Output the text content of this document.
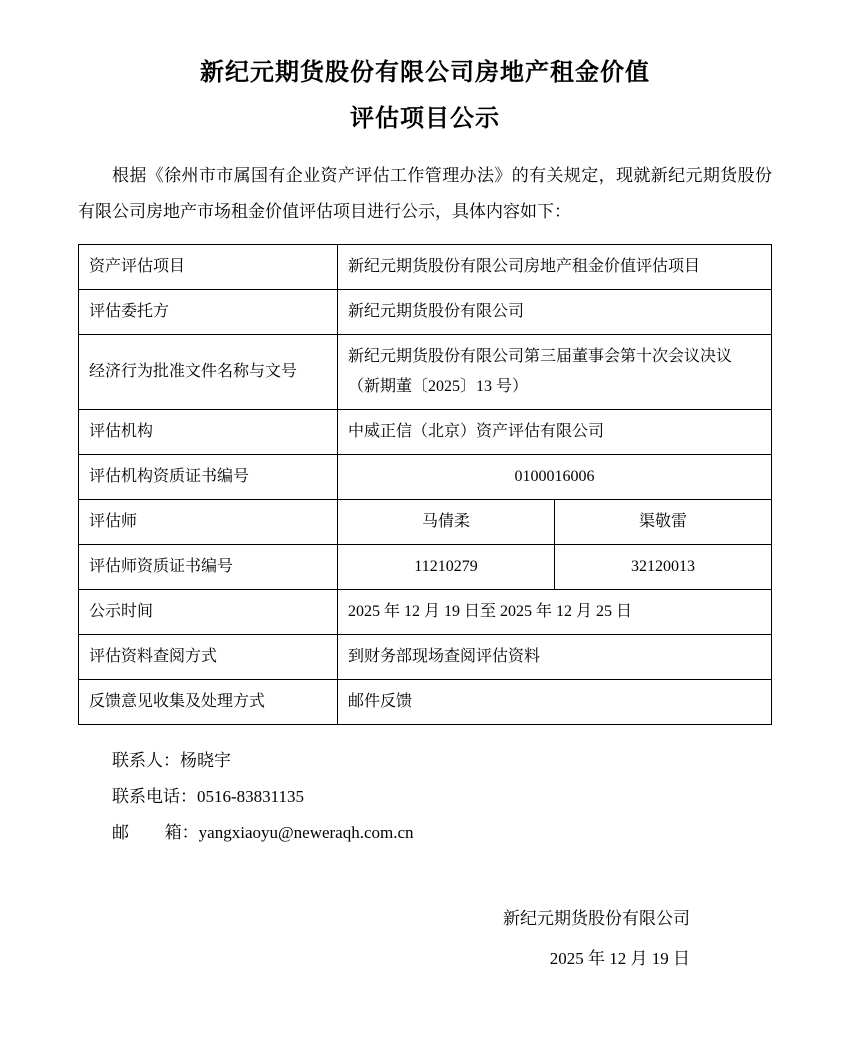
新纪元期货股份有限公司房地产租金价值
评估项目公示

根据《徐州市市属国有企业资产评估工作管理办法》的有关规定，现就新纪元期货股份有限公司房地产市场租金价值评估项目进行公示，具体内容如下：

资产评估项目	新纪元期货股份有限公司房地产租金价值评估项目	
评估委托方	新纪元期货股份有限公司	
经济行为批准文件名称与文号	新纪元期货股份有限公司第三届董事会第十次会议决议（新期董〔2025〕13 号）	
评估机构	中威正信（北京）资产评估有限公司	
评估机构资质证书编号	0100016006	
评估师	马倩柔	渠敬雷
评估师资质证书编号	11210279	32120013
公示时间	2025 年 12 月 19 日至 2025 年 12 月 25 日	
评估资料查阅方式	到财务部现场查阅评估资料	
反馈意见收集及处理方式	邮件反馈	

联系人：杨晓宇

联系电话：0516-83831135

邮 箱：yangxiaoyu@neweraqh.com.cn

新纪元期货股份有限公司

2025 年 12 月 19 日
